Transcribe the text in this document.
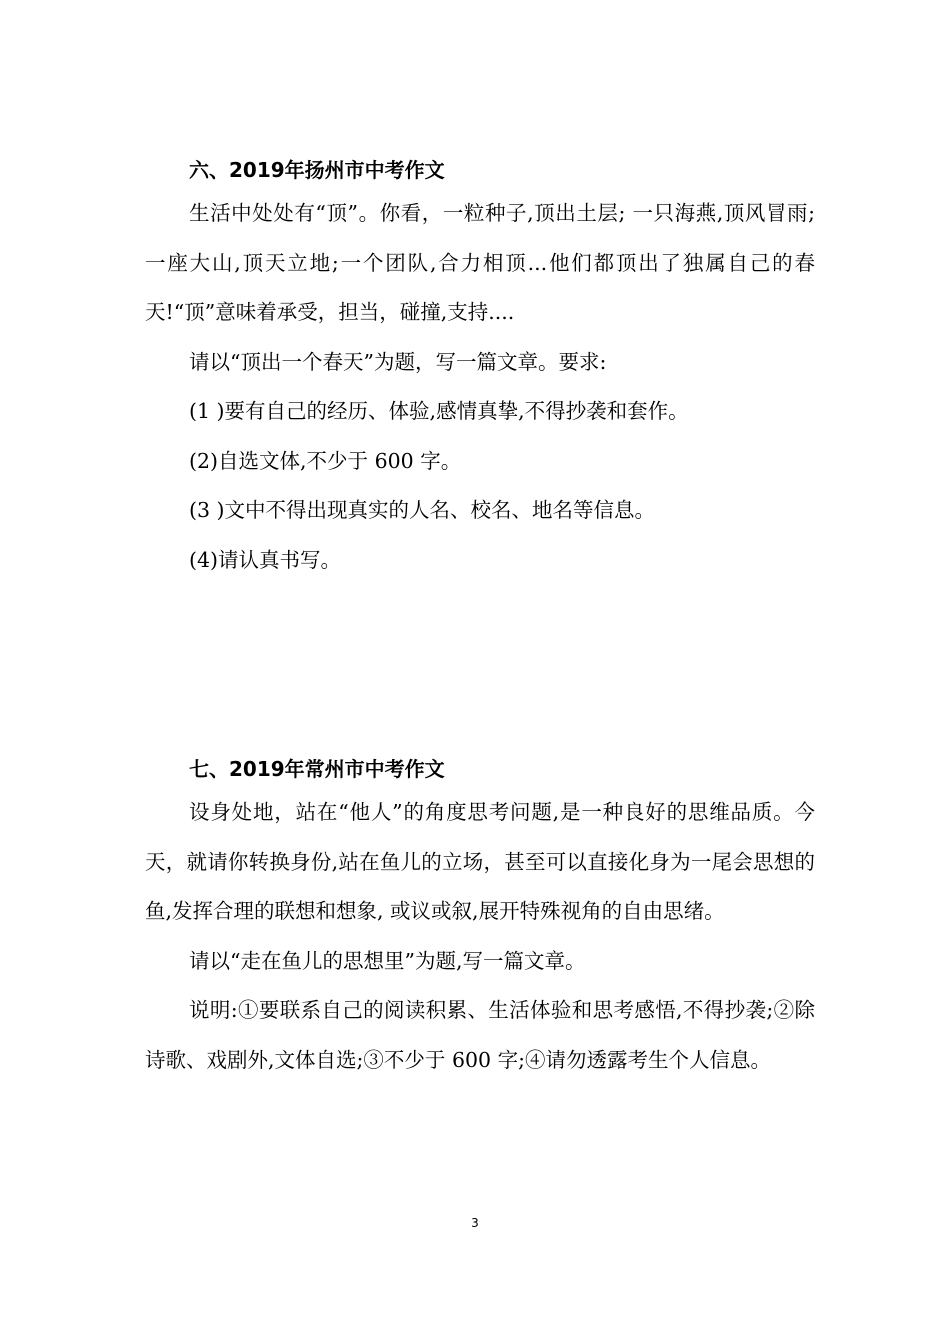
六、2019年扬州市中考作文

生活中处处有“顶”。你看，一粒种子,顶出土层; 一只海燕,顶风冒雨;一座大山,顶天立地;一个团队,合力相顶...他们都顶出了独属自己的春天!“顶”意味着承受，担当，碰撞,支持....

请以“顶出一个春天”为题，写一篇文章。要求:

(1 )要有自己的经历、体验,感情真挚,不得抄袭和套作。

(2)自选文体,不少于 600 字。

(3 )文中不得出现真实的人名、校名、地名等信息。

(4)请认真书写。

七、2019年常州市中考作文

设身处地，站在“他人”的角度思考问题,是一种良好的思维品质。今天，就请你转换身份,站在鱼儿的立场，甚至可以直接化身为一尾会思想的鱼,发挥合理的联想和想象, 或议或叙,展开特殊视角的自由思绪。

请以“走在鱼儿的思想里”为题,写一篇文章。

说明:①要联系自己的阅读积累、生活体验和思考感悟,不得抄袭;②除诗歌、戏剧外,文体自选;③不少于 600 字;④请勿透露考生个人信息。

3
